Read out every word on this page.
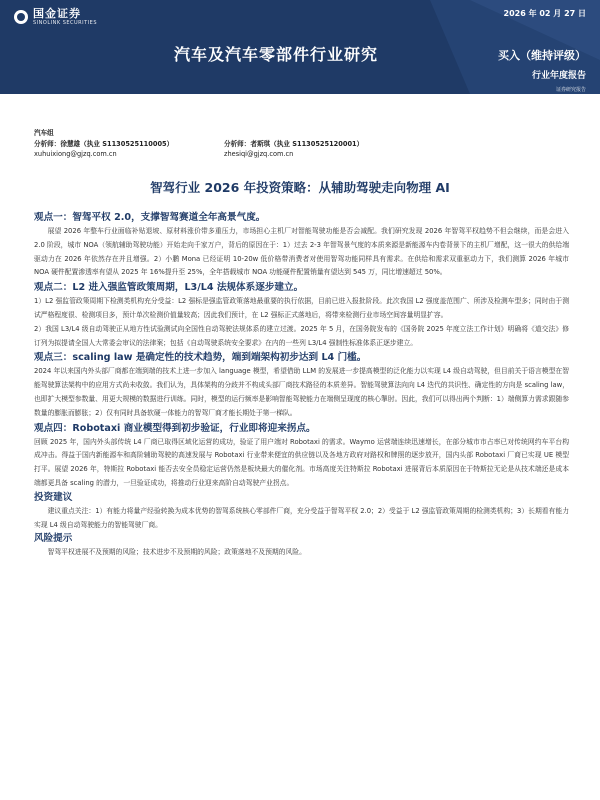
国金证券
SINOLINK SECURITIES
汽车及汽车零部件行业研究
2026 年 02 月 27 日
买入（维持评级）
行业年度报告
证券研究报告
汽车组
分析师：徐慧雄（执业 S1130525110005）	分析师：者斯琪（执业 S1130525120001）
xuhuixiong@gjzq.com.cn	zhesiqi@gjzq.com.cn
智驾行业 2026 年投资策略：从辅助驾驶走向物理 AI
观点一：智驾平权 2.0，支撑智驾赛道全年高景气度。

展望 2026 年整车行业面临补贴退坡、原材料涨价带多重压力，市场担心主机厂对智能驾驶功能是否会减配。我们研究发现 2026 年智驾平权趋势不但会继续，而是会进入 2.0 阶段，城市 NOA（领航辅助驾驶功能）开始走向千家万户，背后的原因在于：1）过去 2-3 年智驾景气度的本质来源是新能源车内卷背景下的主机厂增配，这一很大的供给端驱动力在 2026 年依然存在并且增强。2）小鹏 Mona 已经证明 10-20w 低价格带消费者对使用智驾功能同样具有需求。在供给和需求双重驱动力下，我们测算 2026 年城市 NOA 硬件配置渗透率有望从 2025 年 16%提升至 25%，全年搭载城市 NOA 功能硬件配置销量有望达到 545 万，同比增速超过 50%。

观点二：L2 进入强监管政策周期，L3/L4 法规体系逐步建立。

1）L2 强监管政策周期下检测类机构充分受益：L2 强标是强监管政策落地最重要的执行依据，目前已进入报批阶段。此次我国 L2 强度盖范围广、所涉及检测车型多；同时由于测试严格程度很、检测项目多，预计单次检测价值量较高；因此我们预计，在 L2 强标正式落地后，将带来检测行业市场空间容量明显扩容。

2）我国 L3/L4 级自动驾驶正从地方性试验测试向全国性自动驾驶法规体系的建立过渡。2025 年 5 月，在国务院发布的《国务院 2025 年度立法工作计划》明确将《道交法》修订列为拟提请全国人大常委会审议的法律案；包括《自动驾驶系统安全要求》在内的一些列 L3/L4 强制性标准体系正逐步建立。

观点三：scaling law 是确定性的技术趋势，端到端架构初步达到 L4 门槛。

2024 年以来国内外头部厂商都在端到端的技术上进一步加入 language 模型，希望借助 LLM 的发展进一步提高模型的泛化能力以实现 L4 级自动驾驶，但目前关于语言模型在智能驾驶算法架构中的应用方式尚未收敛。我们认为，具体架构的分歧并不构成头部厂商技术路径的本质差异。智能驾驶算法向向 L4 迭代的共识性、确定性的方向是 scaling law，也即扩大模型参数量、用更大规模的数据进行训练。同时，模型的运行频率是影响智能驾驶能力在端侧呈现度的核心掣肘。因此，我们可以得出两个判断：1）端侧算力需求跟随参数量的膨胀而膨胀；2）仅有同时具备软硬一体能力的智驾厂商才能长期处于第一梯队。

观点四：Robotaxi 商业模型得到初步验证，行业即将迎来拐点。

回顾 2025 年，国内外头部传统 L4 厂商已取得区域化运营的成功，验证了用户端对 Robotaxi 的需求。Waymo 运营端连续迅速增长，在部分城市市占率已对传统网约车平台构成冲击。得益于国内新能源车和高阶辅助驾驶的高速发展与 Robotaxi 行业带来便宜的供应链以及各地方政府对路权和牌照的逐步放开，国内头部 Robotaxi 厂商已实现 UE 模型打平。展望 2026 年，特斯拉 Robotaxi 能否去安全员稳定运营仍然是板块最大的催化剂。市场高度关注特斯拉 Robotaxi 进展背后本质原因在于特斯拉无论是从技术端还是成本端都更具备 scaling 的潜力，一旦验证成功，将推动行业迎来高阶自动驾驶产业拐点。

投资建议

建议重点关注：1）有能力将量产经验转换为成本优势的智驾系统核心零部件厂商，充分受益于智驾平权 2.0；2）受益于 L2 强监管政策周期的检测类机构；3）长期看有能力实现 L4 级自动驾驶能力的智能驾驶厂商。

风险提示

智驾平权进展不及预期的风险；技术进步不及预期的风险；政策落地不及预期的风险。
